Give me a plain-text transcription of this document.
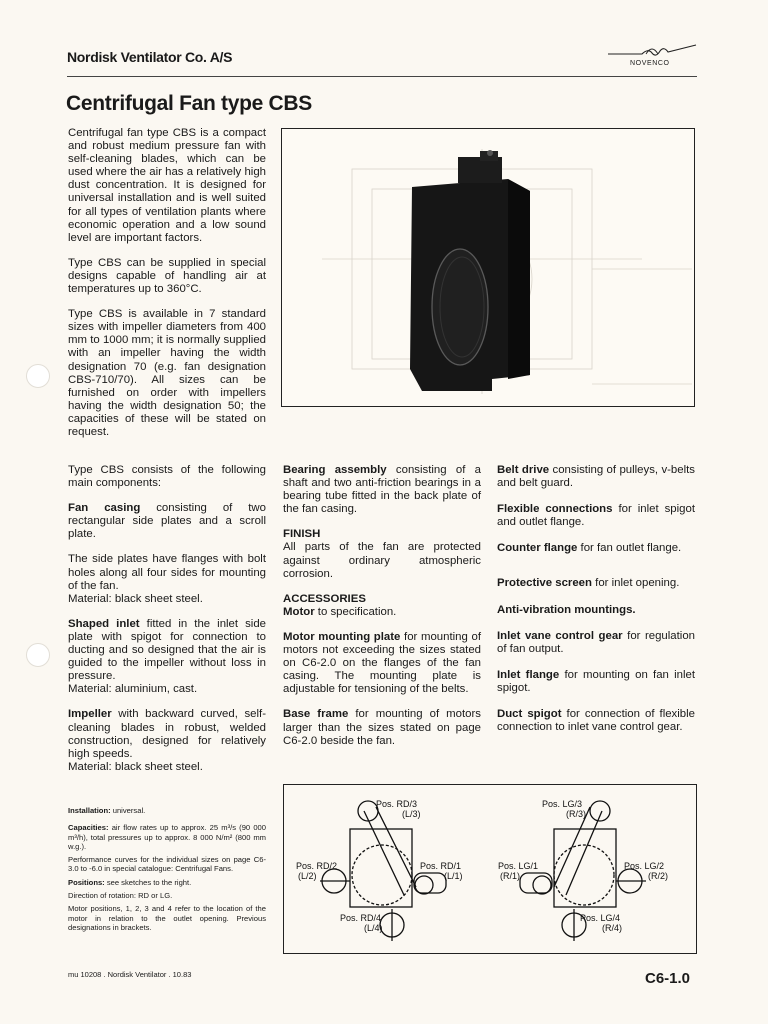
Nordisk Ventilator Co. A/S	NOVENCO
Centrifugal Fan type CBS

Centrifugal fan type CBS is a compact and robust medium pressure fan with self-cleaning blades, which can be used where the air has a relatively high dust concentration. It is designed for universal installation and is well suited for all types of ventilation plants where economic operation and a low sound level are important factors.

Type CBS can be supplied in special designs capable of handling air at temperatures up to 360°C.

Type CBS is available in 7 standard sizes with impeller diameters from 400 mm to 1000 mm; it is normally supplied with an impeller having the width designation 70 (e.g. fan designation CBS-710/70). All sizes can be furnished on order with impellers having the width designation 50; the capacities of these will be stated on request.

Type CBS consists of the following main components:

Fan casing consisting of two rectangular side plates and a scroll plate.

The side plates have flanges with bolt holes along all four sides for mounting of the fan.
Material: black sheet steel.

Shaped inlet fitted in the inlet side plate with spigot for connection to ducting and so designed that the air is guided to the impeller without loss in pressure.
Material: aluminium, cast.

Impeller with backward curved, self-cleaning blades in robust, welded construction, designed for relatively high speeds.
Material: black sheet steel.

Bearing assembly consisting of a shaft and two anti-friction bearings in a bearing tube fitted in the back plate of the fan casing.

FINISH

All parts of the fan are protected against ordinary atmospheric corrosion.

ACCESSORIES

Motor to specification.

Motor mounting plate for mounting of motors not exceeding the sizes stated on C6-2.0 on the flanges of the fan casing. The mounting plate is adjustable for tensioning of the belts.

Base frame for mounting of motors larger than the sizes stated on page C6-2.0 beside the fan.

Belt drive consisting of pulleys, v-belts and belt guard.

Flexible connections for inlet spigot and outlet flange.

Counter flange for fan outlet flange.

Protective screen for inlet opening.

Anti-vibration mountings.

Inlet vane control gear for regulation of fan output.

Inlet flange for mounting on fan inlet spigot.

Duct spigot for connection of flexible connection to inlet vane control gear.

Installation: universal.

Capacities: air flow rates up to approx. 25 m³/s (90 000 m³/h), total pressures up to approx. 8 000 N/m² (800 mm w.g.).

Performance curves for the individual sizes on page C6-3.0 to -6.0 in special catalogue: Centrifugal Fans.

Positions: see sketches to the right.

Direction of rotation: RD or LG.

Motor positions, 1, 2, 3 and 4 refer to the location of the motor in relation to the outlet opening. Previous designations in brackets.

Pos. RD/3
(L/3)
Pos. RD/2
(L/2)
Pos. RD/1
(L/1)
Pos. RD/4
(L/4)
Pos. LG/3
(R/3)
Pos. LG/1
(R/1)
Pos. LG/2
(R/2)
Pos. LG/4
(R/4)
mu 10208 . Nordisk Ventilator . 10.83	C6-1.0
